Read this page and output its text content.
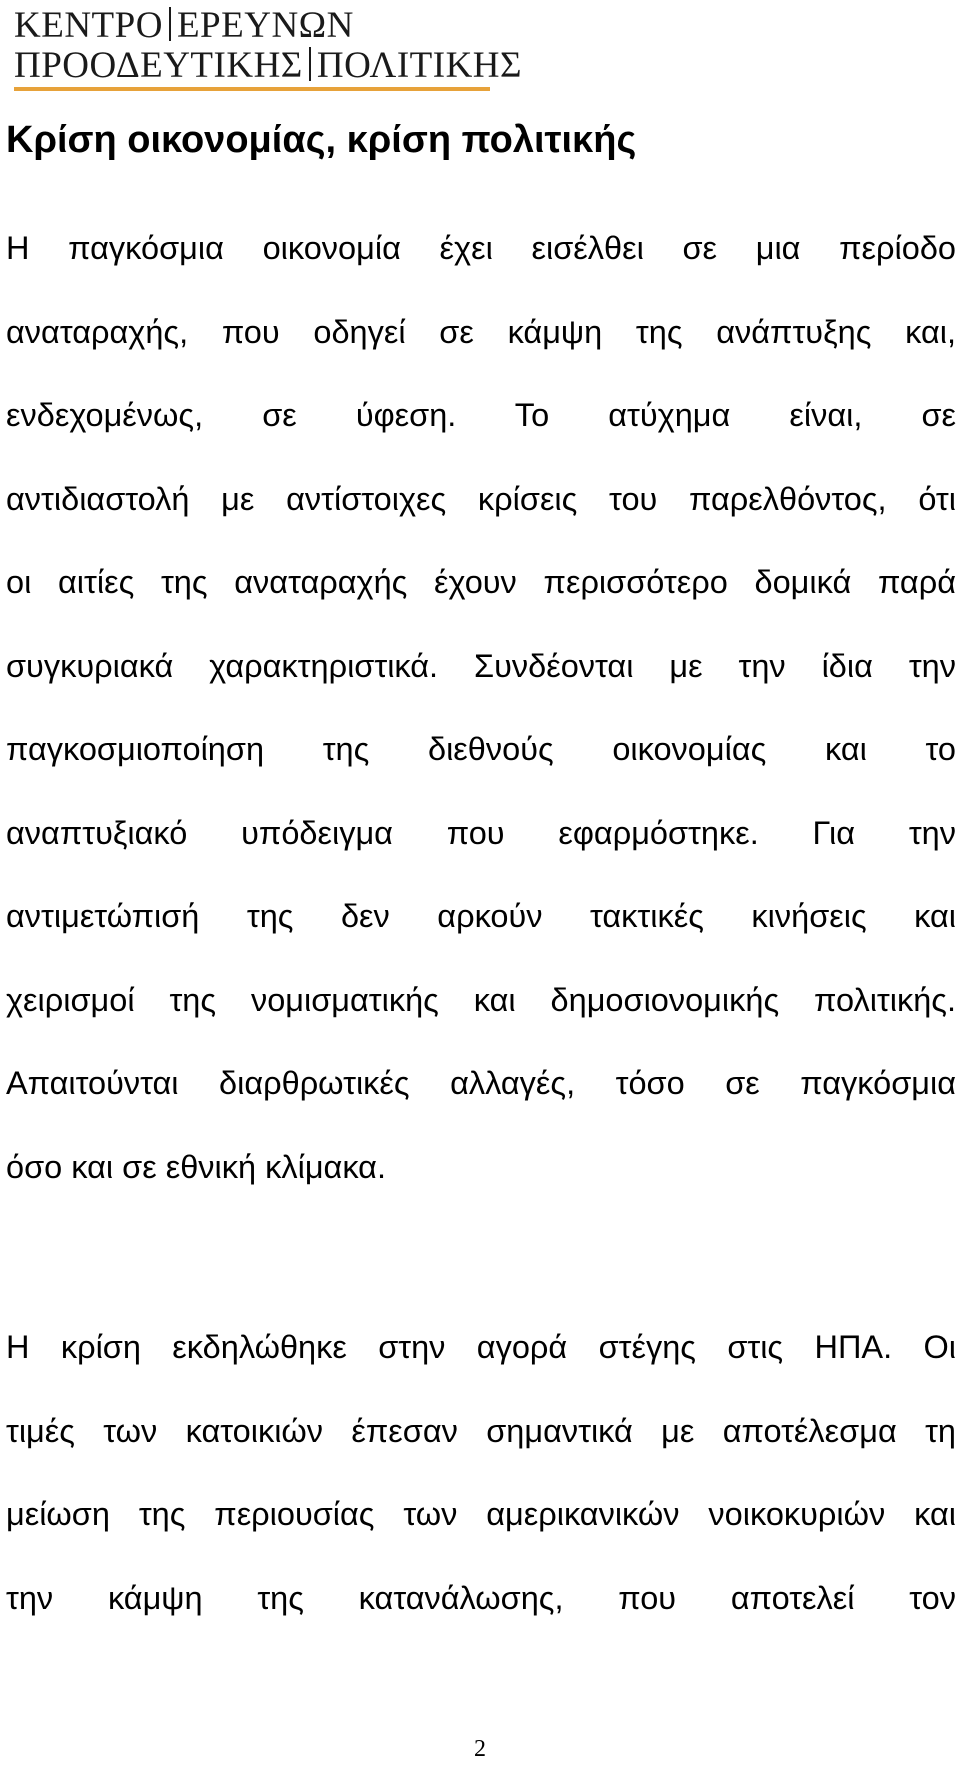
ΚΕΝΤΡΟ ΕΡΕΥΝΩΝ
ΠΡΟΟΔΕΥΤΙΚΗΣ ΠΟΛΙΤΙΚΗΣ
Κρίση οικονομίας, κρίση πολιτικής

Η παγκόσμια οικονομία έχει εισέλθει σε μια περίοδο
αναταραχής, που οδηγεί σε κάμψη της ανάπτυξης και,
ενδεχομένως, σε ύφεση. Το ατύχημα είναι, σε
αντιδιαστολή με αντίστοιχες κρίσεις του παρελθόντος, ότι
οι αιτίες της αναταραχής έχουν περισσότερο δομικά παρά
συγκυριακά χαρακτηριστικά. Συνδέονται με την ίδια την
παγκοσμιοποίηση της διεθνούς οικονομίας και το
αναπτυξιακό υπόδειγμα που εφαρμόστηκε. Για την
αντιμετώπισή της δεν αρκούν τακτικές κινήσεις και
χειρισμοί της νομισματικής και δημοσιονομικής πολιτικής.
Απαιτούνται διαρθρωτικές αλλαγές, τόσο σε παγκόσμια
όσο και σε εθνική κλίμακα.

Η κρίση εκδηλώθηκε στην αγορά στέγης στις ΗΠΑ. Οι
τιμές των κατοικιών έπεσαν σημαντικά με αποτέλεσμα τη
μείωση της περιουσίας των αμερικανικών νοικοκυριών και
την κάμψη της κατανάλωσης, που αποτελεί τον

2
